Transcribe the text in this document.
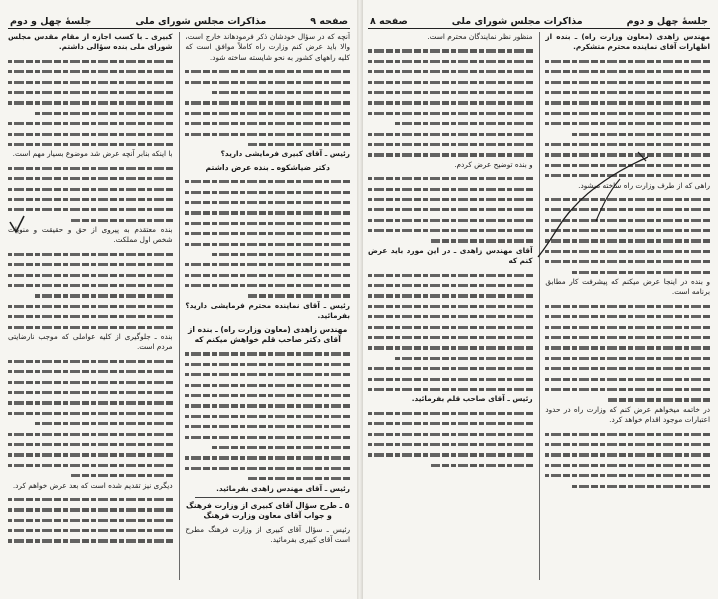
صفحه ۹
مذاکرات مجلس شورای ملی
جلسهٔ چهل و دوم

آنچه که در سؤال خودشان ذکر فرمودهاند خارج است، والا باید عرض کنم وزارت راه کاملاً موافق است که کلیه راههای کشور به نحو شایسته ساخته شود.

رئیس ـ آقای کبیری فرمایشی دارید؟

دکتر ضیاشکوه ـ بنده عرض داشتم

رئیس ـ آقای نماینده محترم فرمایشی دارید؟ بفرمائید.

مهندس زاهدی (معاون وزارت راه) ـ بنده از آقای دکتر صاحب قلم خواهش میکنم که

رئیس ـ آقای مهندس زاهدی بفرمائید.

۵ ـ طرح سؤال آقای کبیری از وزارت فرهنگ و جواب آقای معاون وزارت فرهنگ

رئیس ـ سؤال آقای کبیری از وزارت فرهنگ مطرح است آقای کبیری بفرمائید.

کبیری ـ با کسب اجازه از مقام مقدس مجلس شورای ملی بنده سؤالی داشتم.

با اینکه بنابر آنچه عرض شد موضوع بسیار مهم است.

بنده معتقدم به پیروی از حق و حقیقت و منویات شخص اول مملکت.

بنده ـ جلوگیری از کلیه عواملی که موجب نارضایتی مردم است.

دیگری نیز تقدیم شده است که بعد عرض خواهم کرد.

جلسهٔ چهل و دوم
مذاکرات مجلس شورای ملی
صفحه ۸

مهندس زاهدی (معاون وزارت راه) ـ بنده از اظهارات آقای نماینده محترم متشکرم.

راهی که از طرف وزارت راه ساخته میشود.

و بنده در اینجا عرض میکنم که پیشرفت کار مطابق برنامه است.

در خاتمه میخواهم عرض کنم که وزارت راه در حدود اعتبارات موجود اقدام خواهد کرد.

منظور نظر نمایندگان محترم است.

و بنده توضیح عرض کردم.

آقای مهندس زاهدی ـ در این مورد باید عرض کنم که

رئیس ـ آقای صاحب قلم بفرمائید.
